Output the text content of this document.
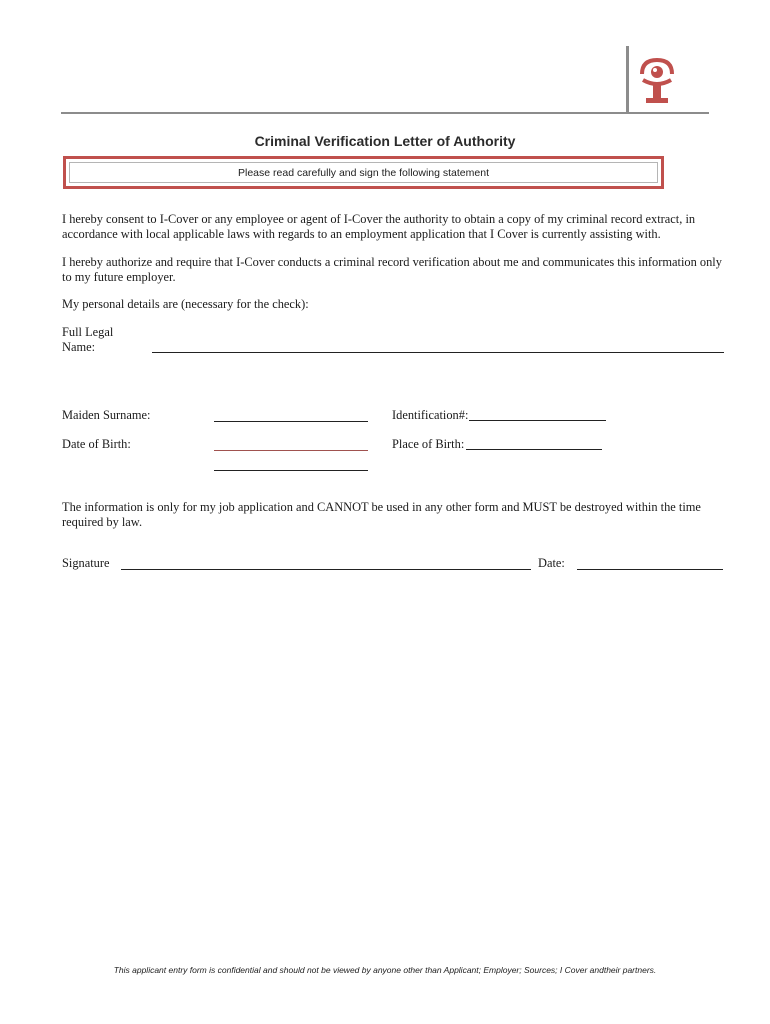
Criminal Verification Letter of Authority
Please read carefully and sign the following statement
I hereby consent to I-Cover or any employee or agent of I-Cover the authority to obtain a copy of my criminal record extract, in accordance with local applicable laws with regards to an employment application that I Cover is currently assisting with.
I hereby authorize and require that I-Cover conducts a criminal record verification about me and communicates this information only to my future employer.
My personal details are (necessary for the check):
Full Legal
Name:
Maiden Surname:	Identification#:
Date of Birth:	Place of Birth:
The information is only for my job application and CANNOT be used in any other form and MUST be destroyed within the time required by law.
Signature	Date:
This applicant entry form is confidential and should not be viewed by anyone other than Applicant; Employer; Sources; I Cover andtheir partners.
